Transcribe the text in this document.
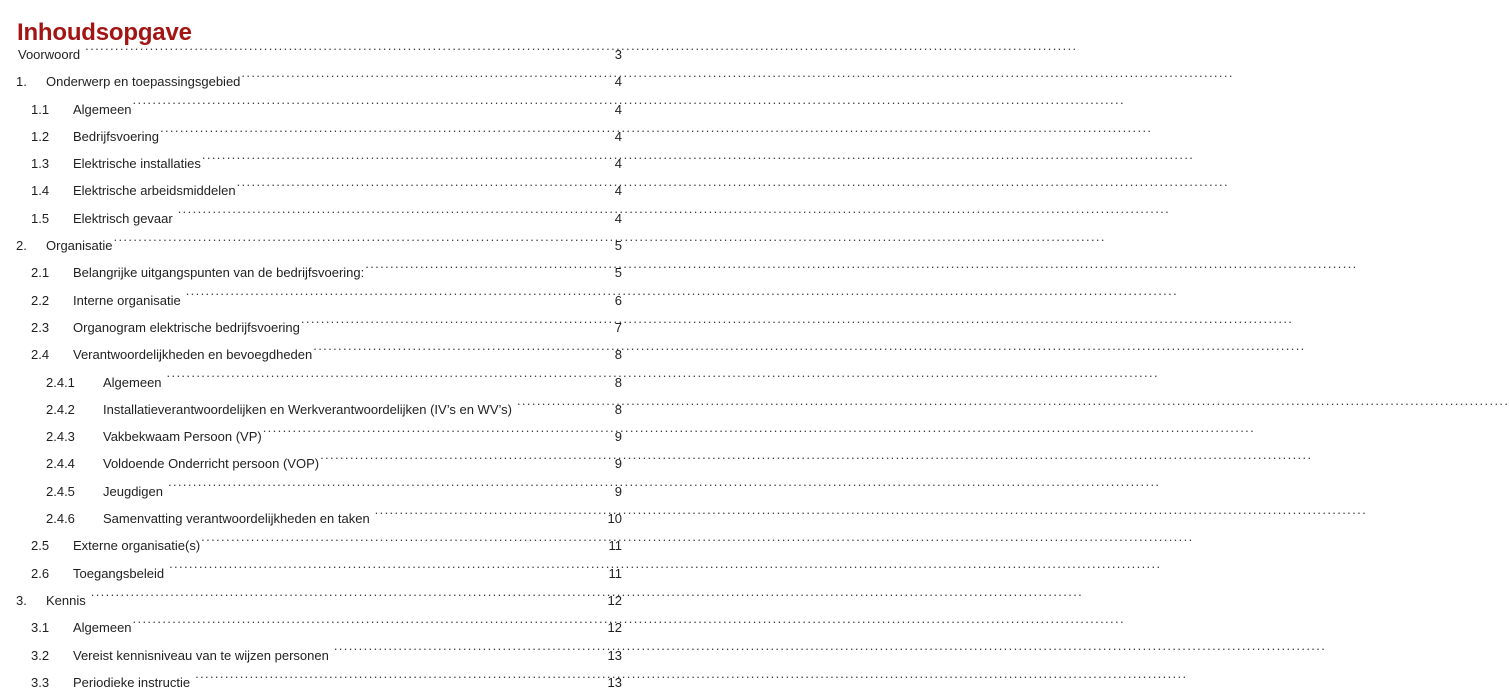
Inhoudsopgave
Voorwoord .....	3
1.	Onderwerp en toepassingsgebied .....	4
1.1	Algemeen .....	4
1.2	Bedrijfsvoering .....	4
1.3	Elektrische installaties .....	4
1.4	Elektrische arbeidsmiddelen .....	4
1.5	Elektrisch gevaar .....	4
2.	Organisatie .....	5
2.1	Belangrijke uitgangspunten van de bedrijfsvoering: .....	5
2.2	Interne organisatie .....	6
2.3	Organogram elektrische bedrijfsvoering .....	7
2.4	Verantwoordelijkheden en bevoegdheden .....	8
2.4.1	Algemeen .....	8
2.4.2	Installatieverantwoordelijken en Werkverantwoordelijken (IV’s en WV’s) .....	8
2.4.3	Vakbekwaam Persoon (VP) .....	9
2.4.4	Voldoende Onderricht persoon (VOP) .....	9
2.4.5	Jeugdigen .....	9
2.4.6	Samenvatting verantwoordelijkheden en taken .....	10
2.5	Externe organisatie(s) .....	11
2.6	Toegangsbeleid .....	11
3.	Kennis .....	12
3.1	Algemeen .....	12
3.2	Vereist kennisniveau van te wijzen personen .....	13
3.3	Periodieke instructie .....	13
